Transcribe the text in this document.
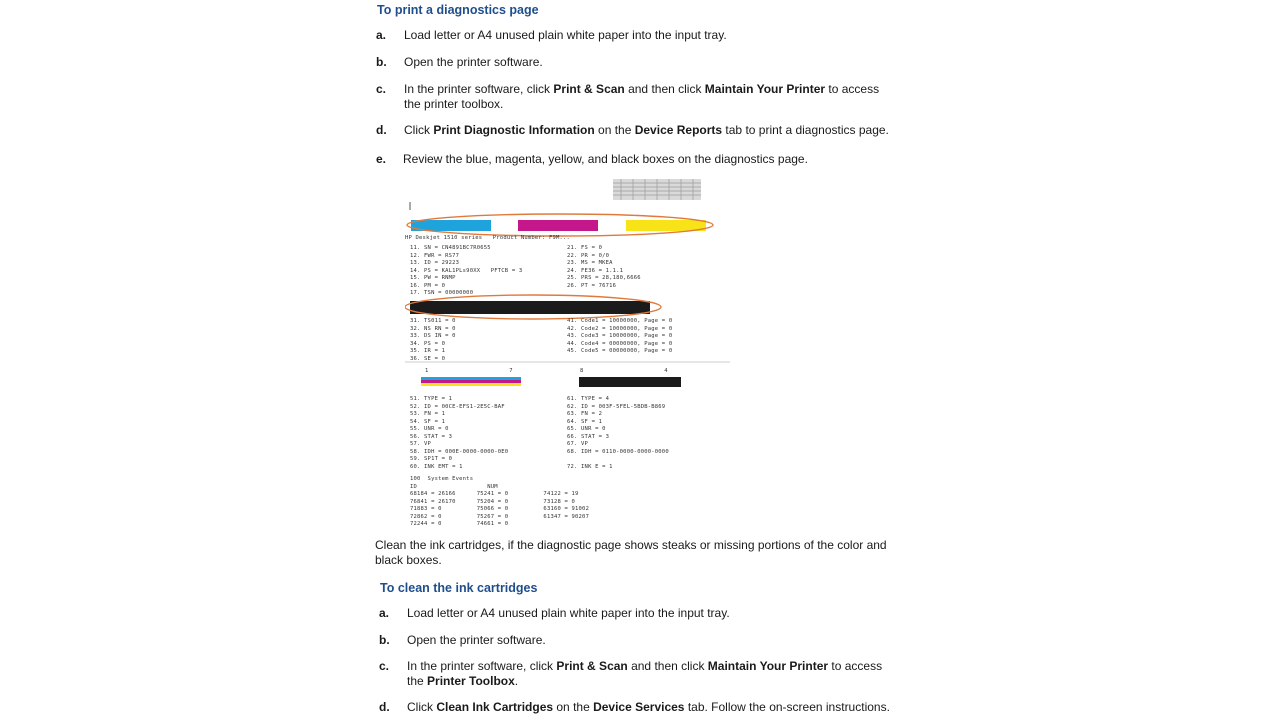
To print a diagnostics page
a. Load letter or A4 unused plain white paper into the input tray.
b. Open the printer software.
c. In the printer software, click Print & Scan and then click Maintain Your Printer to access the printer toolbox.
d. Click Print Diagnostic Information on the Device Reports tab to print a diagnostics page.
e. Review the blue, magenta, yellow, and black boxes on the diagnostics page.
HP Deskjet 1510 series   Product Number: F9M...
11. SN = CN4891BC7R0655
12. FWR = RS77
13. ID = 29223
14. PS = KAL1PLs90XX   PFTCB = 3
15. PW = RNMP
16. PM = 0
17. TSN = 00000000
21. FS = 0
22. PR = 0/0
23. MS = MKEA
24. FE36 = 1.1.1
25. PRS = 28,180,6666
26. PT = 76716
31. TS011 = 0
32. NS RN = 0
33. DS IN = 0
34. PS = 0
35. IR = 1
36. SE = 0
41. Code1 = 10000000, Page = 0
42. Code2 = 10000000, Page = 0
43. Code3 = 10000000, Page = 0
44. Code4 = 00000000, Page = 0
45. Code5 = 00000000, Page = 0
1                       7	8                       4
51. TYPE = 1
52. ID = 00CE-EFS1-2E5C-BAF
53. FN = 1
54. SF = 1
55. UNR = 0
56. STAT = 3
57. VP
58. IDH = 000E-0000-0000-0E0
59. SP1T = 0
60. INK EMT = 1
61. TYPE = 4
62. ID = 003F-5FEL-5BDB-B869
63. FN = 2
64. SF = 1
65. UNR = 0
66. STAT = 3
67. VP
68. IDH = 0110-0000-0000-0000

72. INK E = 1
100  System Events
ID                    NUM
68184 = 26166      75241 = 0          74122 = 19
76841 = 26170      75204 = 0          73128 = 0
71883 = 0          75066 = 0          63160 = 91002
72862 = 0          75267 = 0          61347 = 90207
72244 = 0          74661 = 0
Clean the ink cartridges, if the diagnostic page shows steaks or missing portions of the color and black boxes.
To clean the ink cartridges
a. Load letter or A4 unused plain white paper into the input tray.
b. Open the printer software.
c. In the printer software, click Print & Scan and then click Maintain Your Printer to access the Printer Toolbox.
d. Click Clean Ink Cartridges on the Device Services tab. Follow the on-screen instructions.
